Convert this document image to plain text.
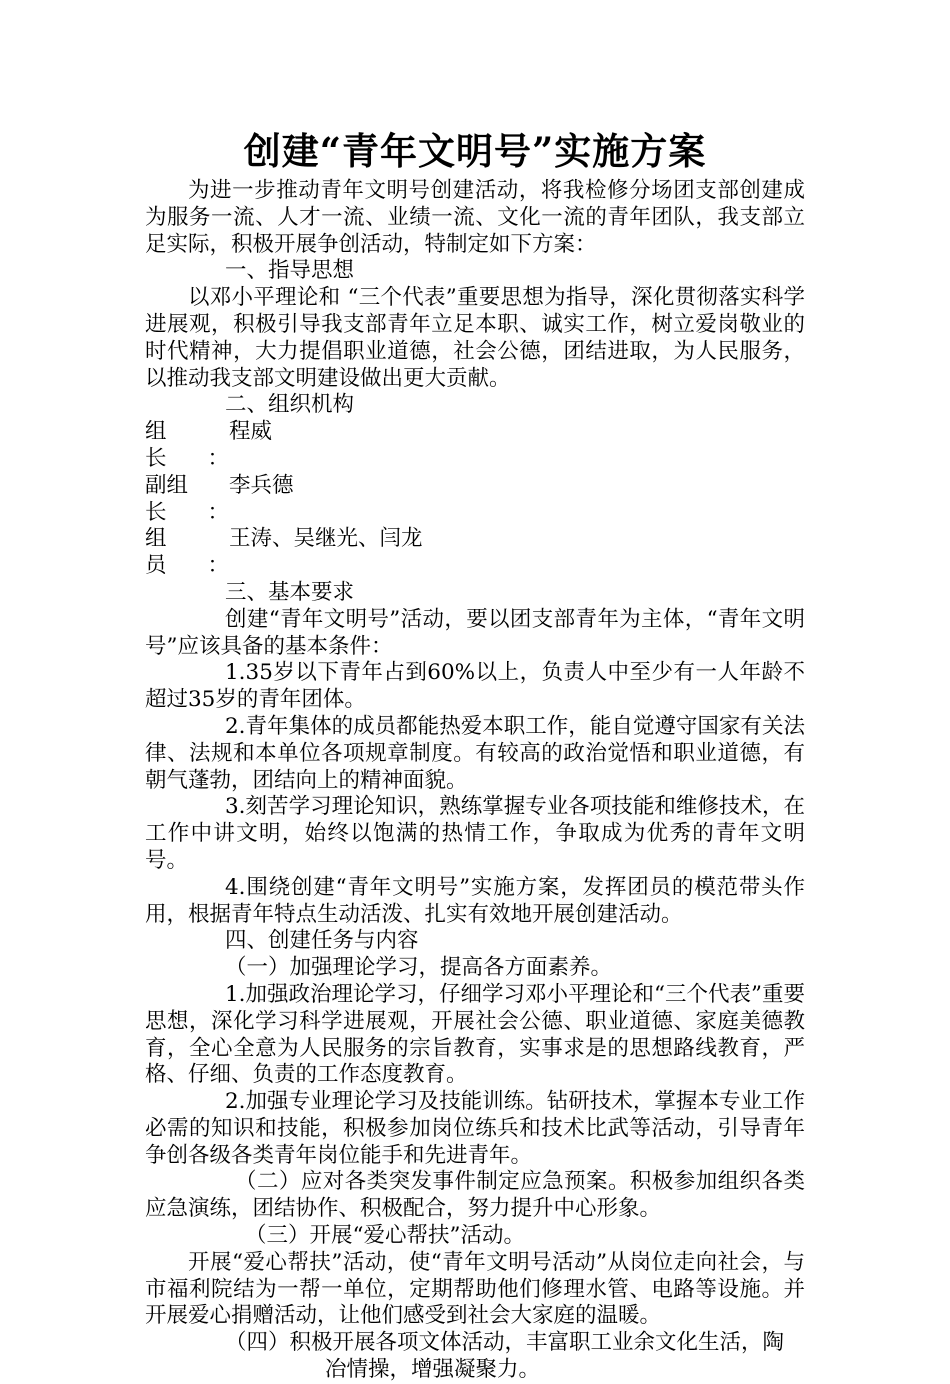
创建“青年文明号”实施方案

为进一步推动青年文明号创建活动，将我检修分场团支部创建成为服务一流、人才一流、业绩一流、文化一流的青年团队，我支部立足实际，积极开展争创活动，特制定如下方案：

一、指导思想

以邓小平理论和 “三个代表”重要思想为指导，深化贯彻落实科学进展观，积极引导我支部青年立足本职、诚实工作，树立爱岗敬业的时代精神，大力提倡职业道德，社会公德，团结进取，为人民服务，以推动我支部文明建设做出更大贡献。

二、组织机构

组　长：
程威
副组长：
李兵德
组　员：
王涛、吴继光、闫龙

三、基本要求

创建“青年文明号”活动，要以团支部青年为主体，“青年文明号”应该具备的基本条件：

1.35岁以下青年占到60%以上，负责人中至少有一人年龄不超过35岁的青年团体。

2.青年集体的成员都能热爱本职工作，能自觉遵守国家有关法律、法规和本单位各项规章制度。有较高的政治觉悟和职业道德，有朝气蓬勃，团结向上的精神面貌。

3.刻苦学习理论知识，熟练掌握专业各项技能和维修技术，在工作中讲文明，始终以饱满的热情工作，争取成为优秀的青年文明号。

4.围绕创建“青年文明号”实施方案，发挥团员的模范带头作用，根据青年特点生动活泼、扎实有效地开展创建活动。

四、创建任务与内容

（一）加强理论学习，提高各方面素养。

1.加强政治理论学习，仔细学习邓小平理论和“三个代表”重要思想，深化学习科学进展观，开展社会公德、职业道德、家庭美德教育，全心全意为人民服务的宗旨教育，实事求是的思想路线教育，严格、仔细、负责的工作态度教育。

2.加强专业理论学习及技能训练。钻研技术，掌握本专业工作必需的知识和技能，积极参加岗位练兵和技术比武等活动，引导青年争创各级各类青年岗位能手和先进青年。

（二）应对各类突发事件制定应急预案。积极参加组织各类应急演练，团结协作、积极配合，努力提升中心形象。

（三）开展“爱心帮扶”活动。

开展“爱心帮扶”活动，使“青年文明号活动”从岗位走向社会，与市福利院结为一帮一单位，定期帮助他们修理水管、电路等设施。并开展爱心捐赠活动，让他们感受到社会大家庭的温暖。

（四）积极开展各项文体活动，丰富职工业余文化生活，陶

冶情操，增强凝聚力。
